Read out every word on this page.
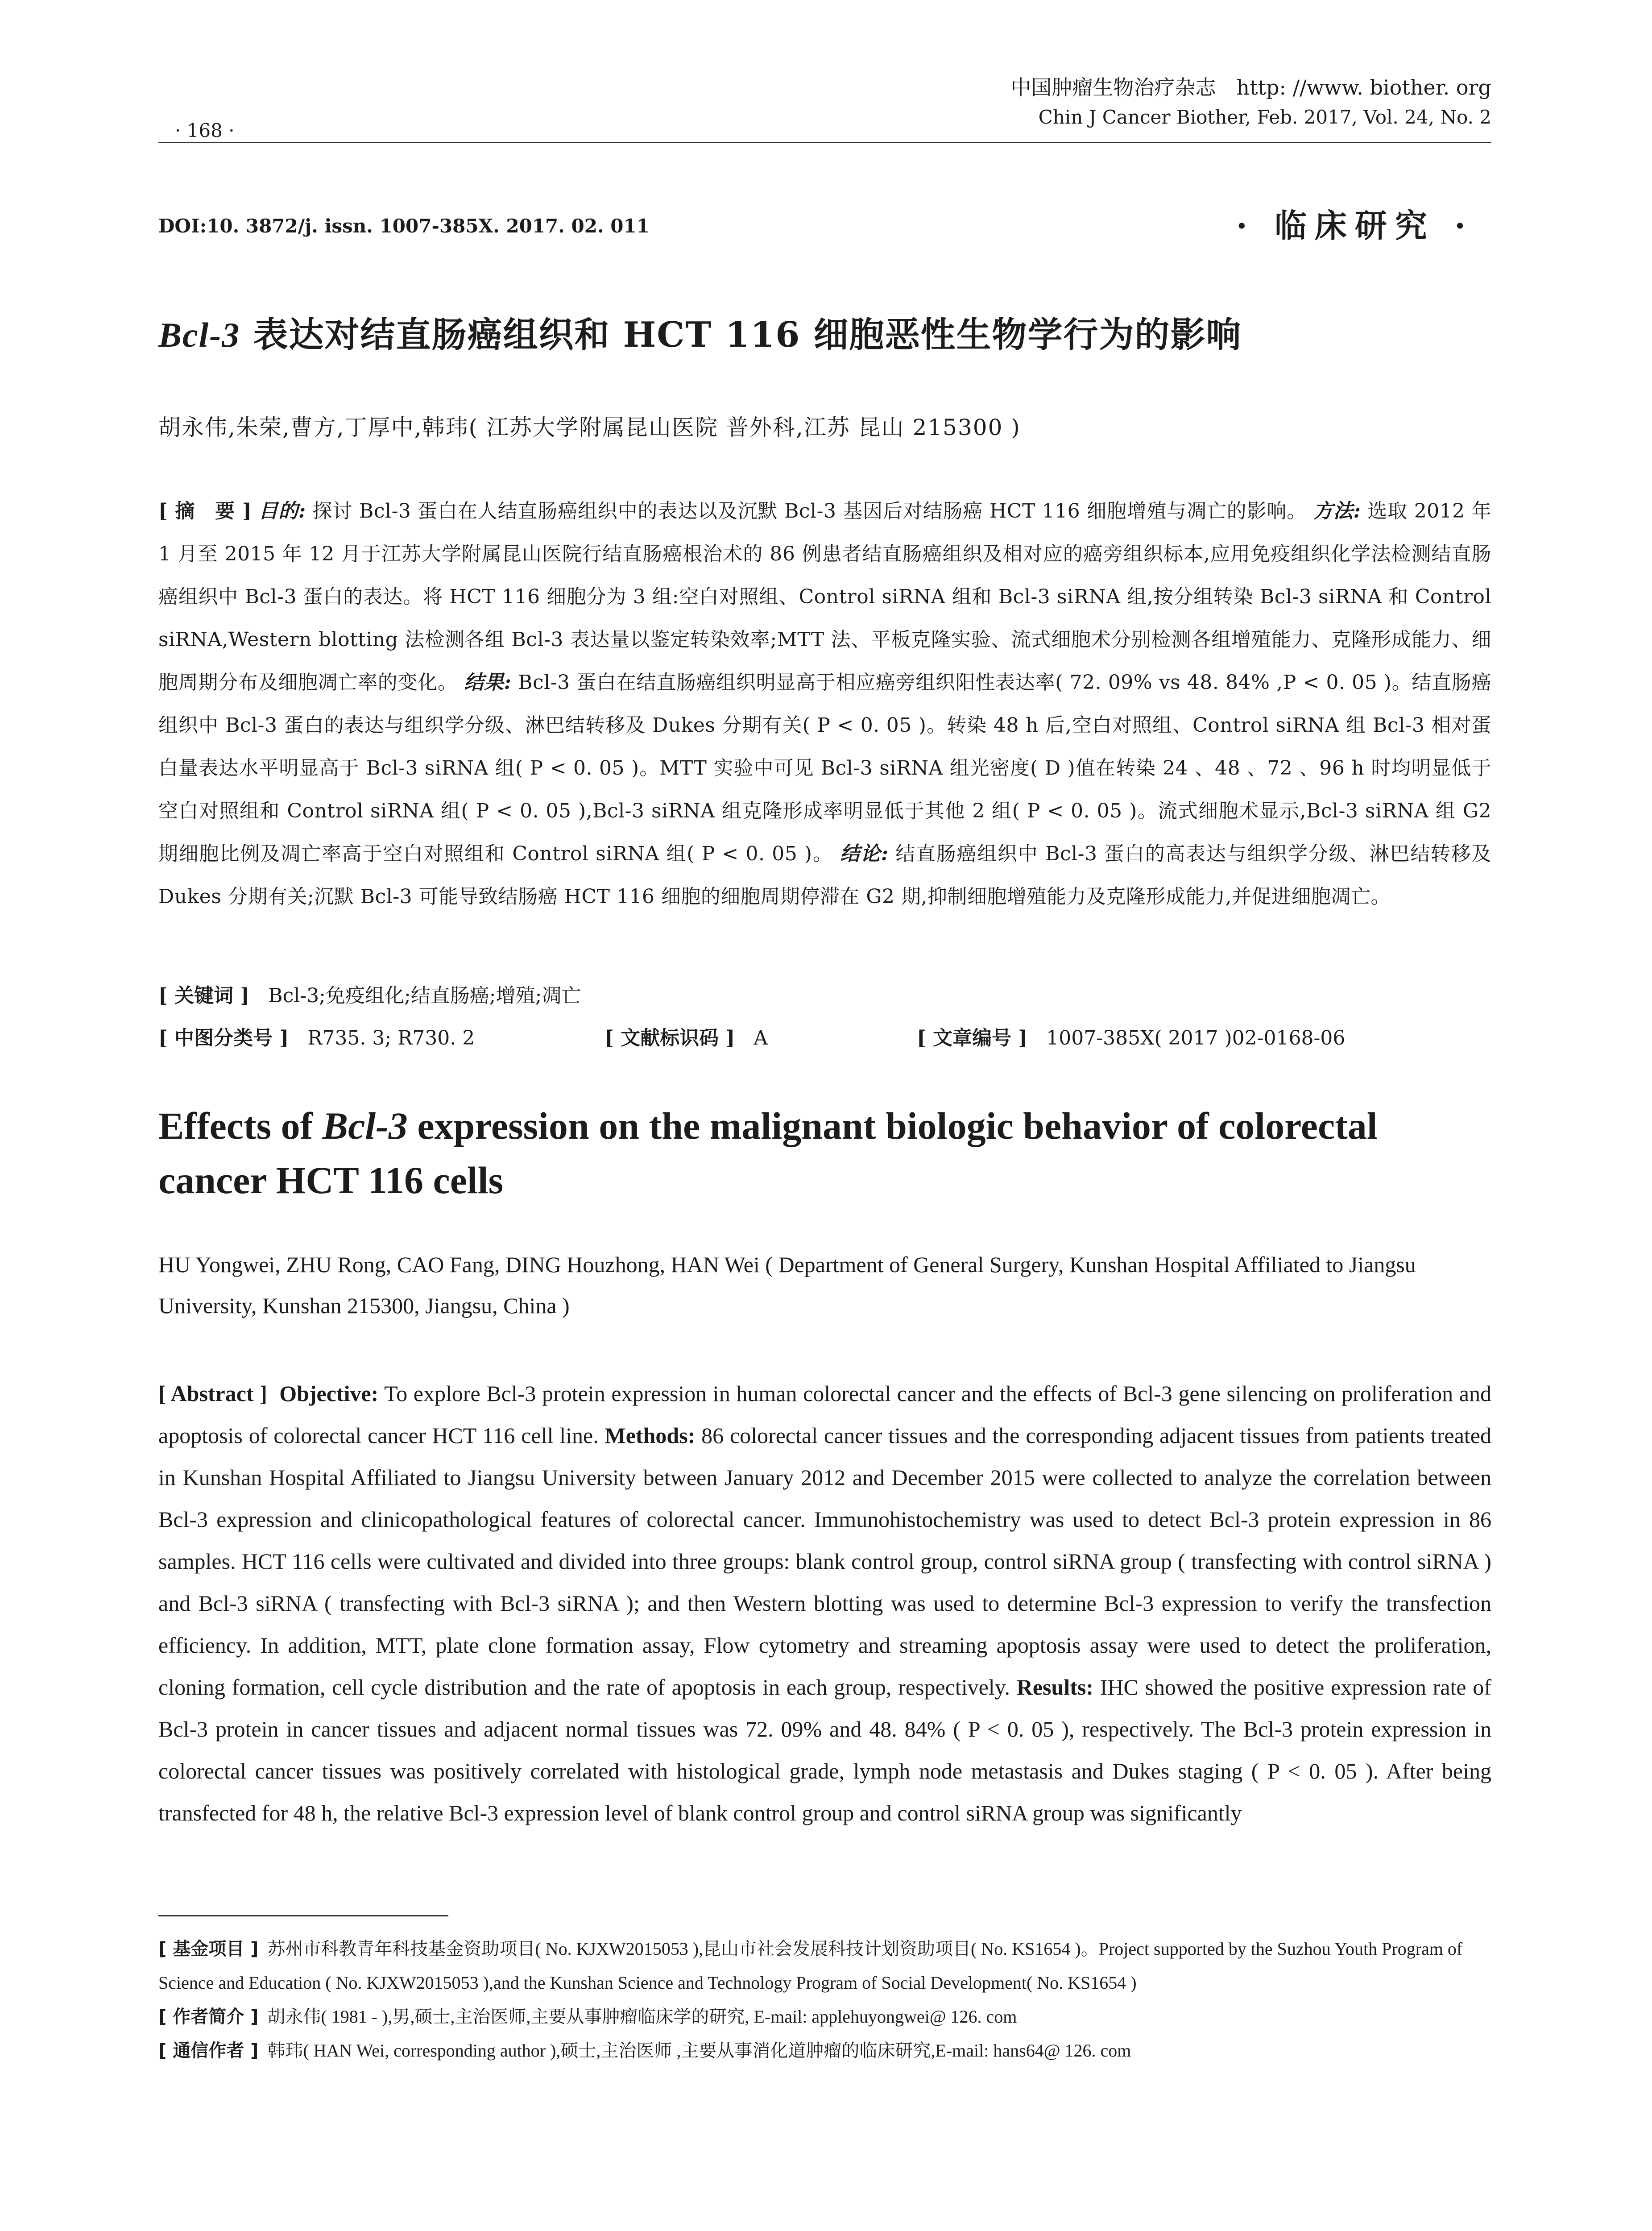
· 168 ·
中国肿瘤生物治疗杂志　http: //www. biother. org
Chin J Cancer Biother, Feb. 2017, Vol. 24, No. 2
DOI:10. 3872/j. issn. 1007-385X. 2017. 02. 011	· 临床研究 ·
Bcl-3 表达对结直肠癌组织和 HCT 116 细胞恶性生物学行为的影响
胡永伟,朱荣,曹方,丁厚中,韩玮( 江苏大学附属昆山医院 普外科,江苏 昆山 215300 )
[ 摘　要 ] 目的: 探讨 Bcl-3 蛋白在人结直肠癌组织中的表达以及沉默 Bcl-3 基因后对结肠癌 HCT 116 细胞增殖与凋亡的影响。 方法: 选取 2012 年 1 月至 2015 年 12 月于江苏大学附属昆山医院行结直肠癌根治术的 86 例患者结直肠癌组织及相对应的癌旁组织标本,应用免疫组织化学法检测结直肠癌组织中 Bcl-3 蛋白的表达。将 HCT 116 细胞分为 3 组:空白对照组、Control siRNA 组和 Bcl-3 siRNA 组,按分组转染 Bcl-3 siRNA 和 Control siRNA,Western blotting 法检测各组 Bcl-3 表达量以鉴定转染效率;MTT 法、平板克隆实验、流式细胞术分别检测各组增殖能力、克隆形成能力、细胞周期分布及细胞凋亡率的变化。 结果: Bcl-3 蛋白在结直肠癌组织明显高于相应癌旁组织阳性表达率( 72. 09% vs 48. 84% ,P < 0. 05 )。结直肠癌组织中 Bcl-3 蛋白的表达与组织学分级、淋巴结转移及 Dukes 分期有关( P < 0. 05 )。转染 48 h 后,空白对照组、Control siRNA 组 Bcl-3 相对蛋白量表达水平明显高于 Bcl-3 siRNA 组( P < 0. 05 )。MTT 实验中可见 Bcl-3 siRNA 组光密度( D )值在转染 24 、48 、72 、96 h 时均明显低于空白对照组和 Control siRNA 组( P < 0. 05 ),Bcl-3 siRNA 组克隆形成率明显低于其他 2 组( P < 0. 05 )。流式细胞术显示,Bcl-3 siRNA 组 G2 期细胞比例及凋亡率高于空白对照组和 Control siRNA 组( P < 0. 05 )。 结论: 结直肠癌组织中 Bcl-3 蛋白的高表达与组织学分级、淋巴结转移及 Dukes 分期有关;沉默 Bcl-3 可能导致结肠癌 HCT 116 细胞的细胞周期停滞在 G2 期,抑制细胞增殖能力及克隆形成能力,并促进细胞凋亡。
[ 关键词 ] Bcl-3;免疫组化;结直肠癌;增殖;凋亡
[ 中图分类号 ] R735. 3; R730. 2	[ 文献标识码 ] A	[ 文章编号 ] 1007-385X( 2017 )02-0168-06
Effects of Bcl-3 expression on the malignant biologic behavior of colorectal cancer HCT 116 cells
HU Yongwei, ZHU Rong, CAO Fang, DING Houzhong, HAN Wei ( Department of General Surgery, Kunshan Hospital Affiliated to Jiangsu University, Kunshan 215300, Jiangsu, China )
[ Abstract ] Objective: To explore Bcl-3 protein expression in human colorectal cancer and the effects of Bcl-3 gene silencing on proliferation and apoptosis of colorectal cancer HCT 116 cell line. Methods: 86 colorectal cancer tissues and the corresponding adjacent tissues from patients treated in Kunshan Hospital Affiliated to Jiangsu University between January 2012 and December 2015 were collected to analyze the correlation between Bcl-3 expression and clinicopathological features of colorectal cancer. Immunohistochemistry was used to detect Bcl-3 protein expression in 86 samples. HCT 116 cells were cultivated and divided into three groups: blank control group, control siRNA group ( transfecting with control siRNA ) and Bcl-3 siRNA ( transfecting with Bcl-3 siRNA ); and then Western blotting was used to determine Bcl-3 expression to verify the transfection efficiency. In addition, MTT, plate clone formation assay, Flow cytometry and streaming apoptosis assay were used to detect the proliferation, cloning formation, cell cycle distribution and the rate of apoptosis in each group, respectively. Results: IHC showed the positive expression rate of Bcl-3 protein in cancer tissues and adjacent normal tissues was 72. 09% and 48. 84% ( P < 0. 05 ), respectively. The Bcl-3 protein expression in colorectal cancer tissues was positively correlated with histological grade, lymph node metastasis and Dukes staging ( P < 0. 05 ). After being transfected for 48 h, the relative Bcl-3 expression level of blank control group and control siRNA group was significantly

[ 基金项目 ] 苏州市科教青年科技基金资助项目( No. KJXW2015053 ),昆山市社会发展科技计划资助项目( No. KS1654 )。Project supported by the Suzhou Youth Program of Science and Education ( No. KJXW2015053 ),and the Kunshan Science and Technology Program of Social Development( No. KS1654 )

[ 作者简介 ] 胡永伟( 1981 - ),男,硕士,主治医师,主要从事肿瘤临床学的研究, E-mail: applehuyongwei@ 126. com

[ 通信作者 ] 韩玮( HAN Wei, corresponding author ),硕士,主治医师 ,主要从事消化道肿瘤的临床研究,E-mail: hans64@ 126. com
